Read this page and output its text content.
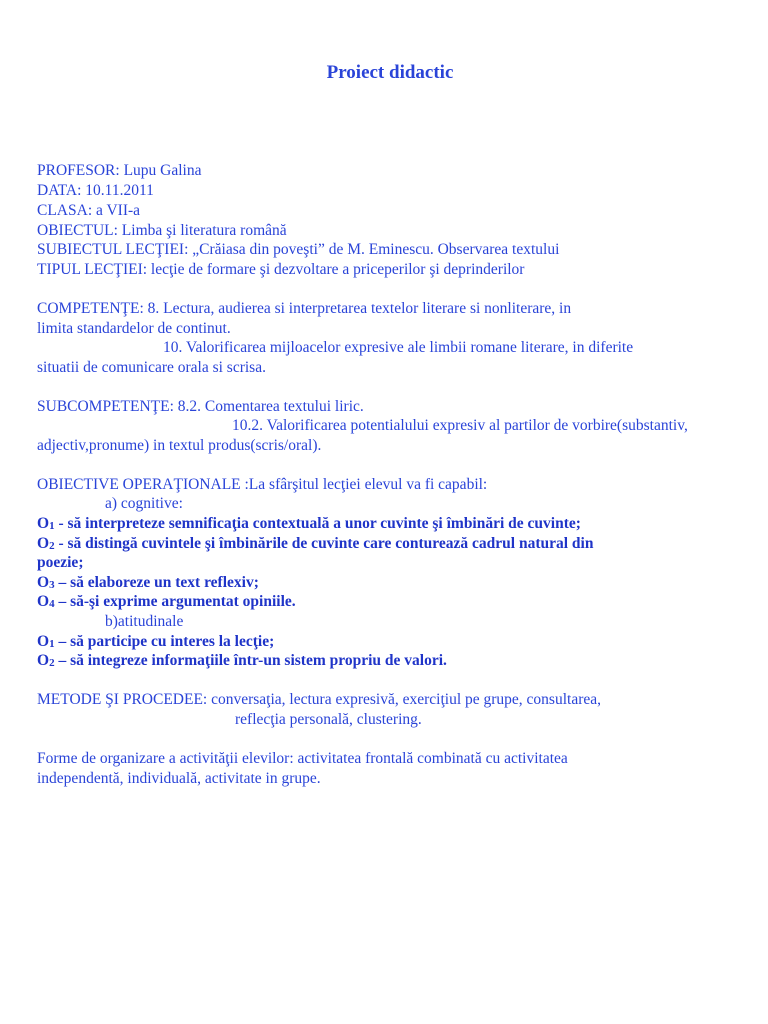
Proiect didactic
PROFESOR: Lupu Galina
DATA: 10.11.2011
CLASA: a VII-a
OBIECTUL: Limba şi literatura română
SUBIECTUL LECŢIEI: „Crăiasa din poveşti” de M. Eminescu. Observarea textului
TIPUL LECŢIEI: lecţie de formare şi dezvoltare a priceperilor şi deprinderilor
COMPETENŢE: 8. Lectura, audierea si interpretarea textelor literare si nonliterare, in
limita standardelor de continut.
10. Valorificarea mijloacelor expresive ale limbii romane literare, in diferite
situatii de comunicare orala si scrisa.
SUBCOMPETENŢE: 8.2. Comentarea textului liric.
10.2. Valorificarea potentialului expresiv al partilor de vorbire(substantiv,
adjectiv,pronume) in textul produs(scris/oral).
OBIECTIVE OPERAŢIONALE :La sfârşitul lecţiei elevul va fi capabil:
a) cognitive:
O1 - să interpreteze semnificaţia contextuală a unor cuvinte şi îmbinări de cuvinte;
O2 - să distingă cuvintele şi îmbinările de cuvinte care conturează cadrul natural din
poezie;
O3 – să elaboreze un text reflexiv;
O4 – să-şi exprime argumentat opiniile.
b)atitudinale
O1 – să participe cu interes la lecţie;
O2 – să integreze informaţiile într-un sistem propriu de valori.
METODE ŞI PROCEDEE: conversaţia, lectura expresivă, exerciţiul pe grupe, consultarea,
reflecţia personală, clustering.
Forme de organizare a activităţii elevilor: activitatea frontală combinată cu activitatea
independentă, individuală, activitate in grupe.
